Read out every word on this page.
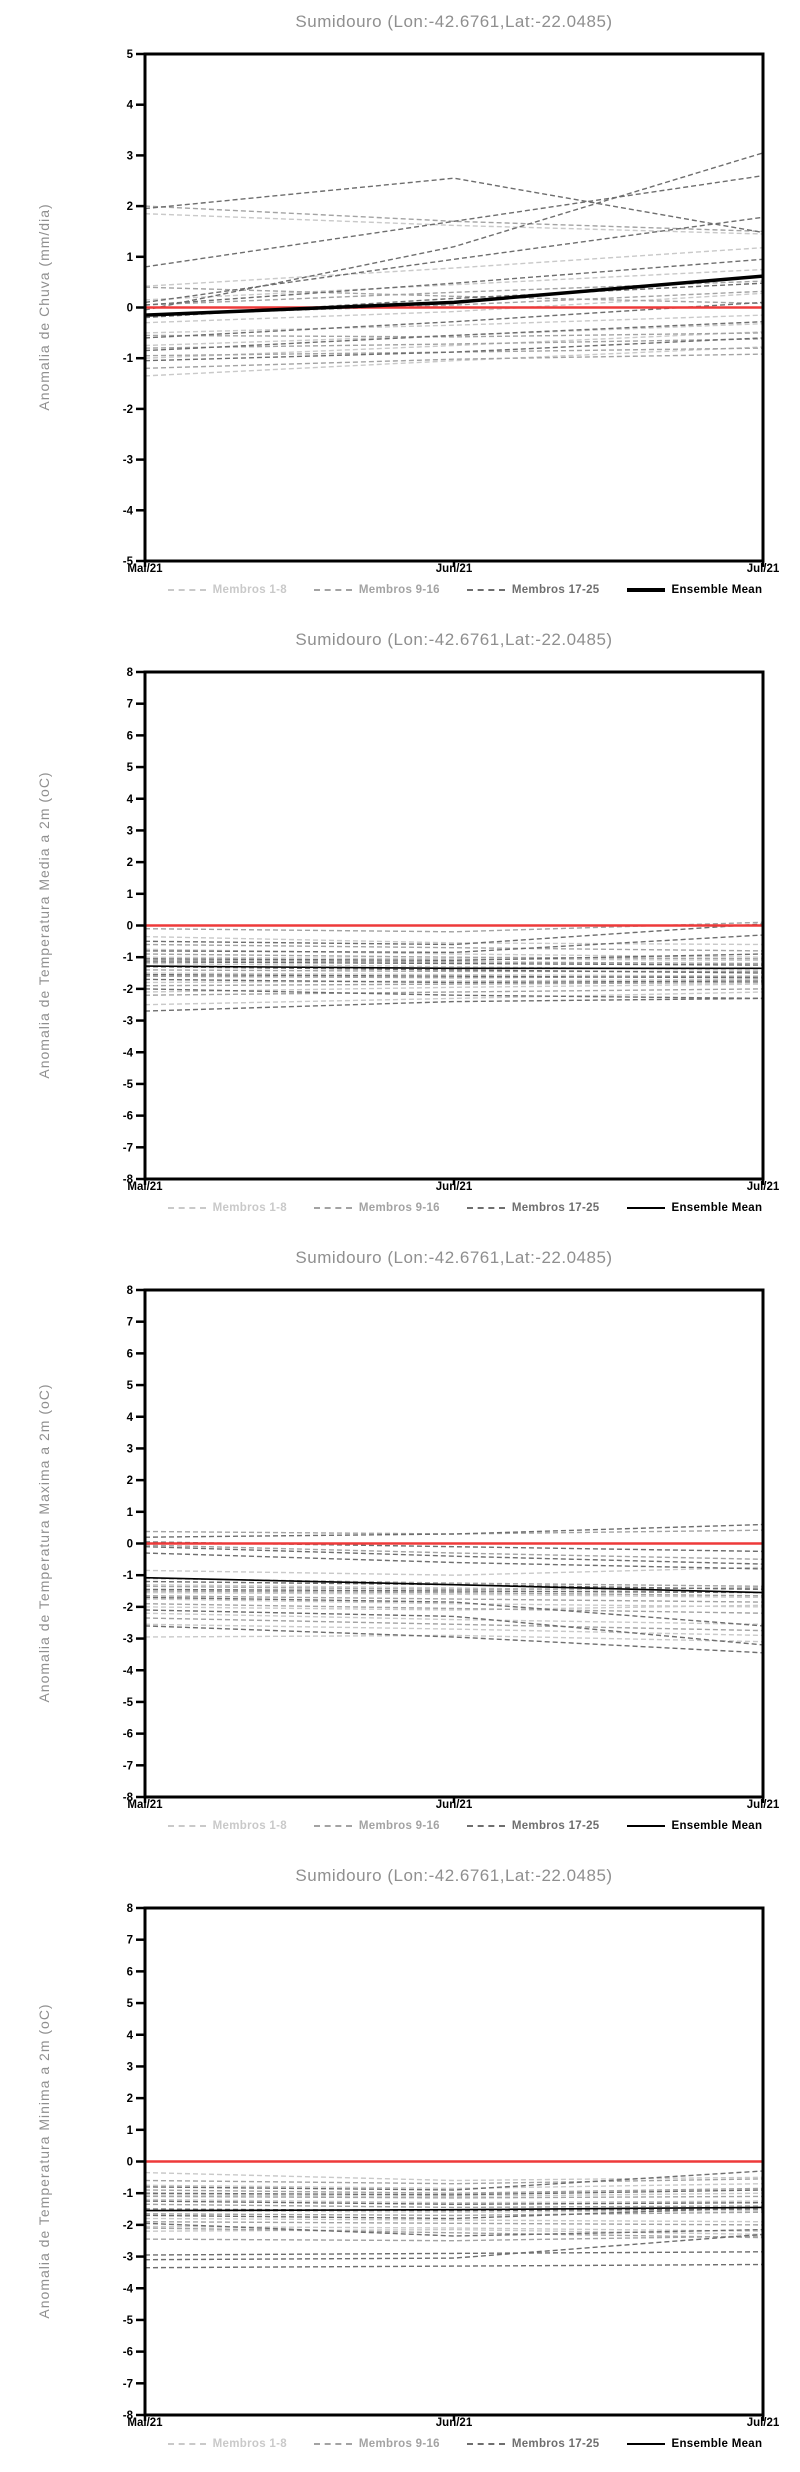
Sumidouro (Lon:-42.6761,Lat:-22.0485)
Anomalia de Chuva (mm/dia)
-5
-4
-3
-2
-1
0
1
2
3
4
5
Mai/21	Jun/21	Jul/21
Membros 1-8	Membros 9-16	Membros 17-25	Ensemble Mean
Sumidouro (Lon:-42.6761,Lat:-22.0485)
Anomalia de Temperatura Media a 2m (oC)
-8
-7
-6
-5
-4
-3
-2
-1
0
1
2
3
4
5
6
7
8
Mai/21	Jun/21	Jul/21
Membros 1-8	Membros 9-16	Membros 17-25	Ensemble Mean
Sumidouro (Lon:-42.6761,Lat:-22.0485)
Anomalia de Temperatura Maxima a 2m (oC)
-8
-7
-6
-5
-4
-3
-2
-1
0
1
2
3
4
5
6
7
8
Mai/21	Jun/21	Jul/21
Membros 1-8	Membros 9-16	Membros 17-25	Ensemble Mean
Sumidouro (Lon:-42.6761,Lat:-22.0485)
Anomalia de Temperatura Minima a 2m (oC)
-8
-7
-6
-5
-4
-3
-2
-1
0
1
2
3
4
5
6
7
8
Mai/21	Jun/21	Jul/21
Membros 1-8	Membros 9-16	Membros 17-25	Ensemble Mean
